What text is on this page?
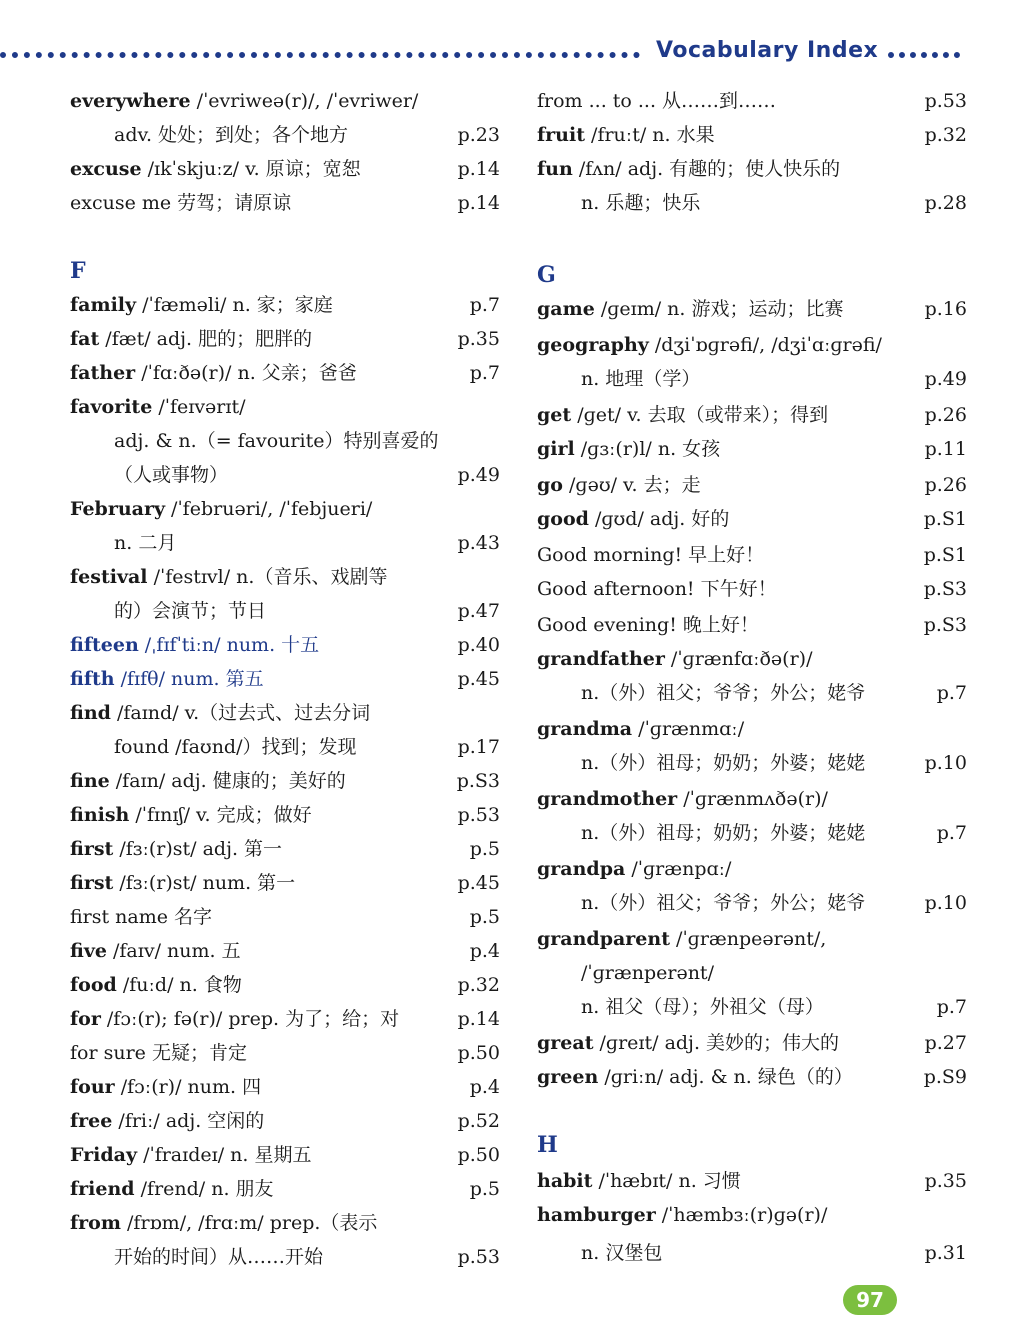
Vocabulary Index
F
everywhere /ˈevriweə(r)/, /ˈevriwer/
adv. 处处；到处；各个地方	p.23
excuse /ɪkˈskjuːz/ v. 原谅；宽恕	p.14
excuse me 劳驾；请原谅	p.14
family /ˈfæməli/ n. 家；家庭	p.7
fat /fæt/ adj. 肥的；肥胖的	p.35
father /ˈfɑːðə(r)/ n. 父亲；爸爸	p.7
favorite /ˈfeɪvərɪt/
adj. & n.（= favourite）特别喜爱的
（人或事物）	p.49
February /ˈfebruəri/, /ˈfebjueri/
n. 二月	p.43
festival /ˈfestɪvl/ n.（音乐、戏剧等
的）会演节；节日	p.47
fifteen /ˌfɪfˈtiːn/ num. 十五	p.40
fifth /fɪfθ/ num. 第五	p.45
find /faɪnd/ v.（过去式、过去分词
found /faʊnd/）找到；发现	p.17
fine /faɪn/ adj. 健康的；美好的	p.S3
finish /ˈfɪnɪʃ/ v. 完成；做好	p.53
first /fɜː(r)st/ adj. 第一	p.5
first /fɜː(r)st/ num. 第一	p.45
first name 名字	p.5
five /faɪv/ num. 五	p.4
food /fuːd/ n. 食物	p.32
for /fɔː(r); fə(r)/ prep. 为了；给；对	p.14
for sure 无疑；肯定	p.50
four /fɔː(r)/ num. 四	p.4
free /friː/ adj. 空闲的	p.52
Friday /ˈfraɪdeɪ/ n. 星期五	p.50
friend /frend/ n. 朋友	p.5
from /frɒm/, /frɑːm/ prep.（表示
开始的时间）从……开始	p.53
G
H
from ... to ... 从……到……	p.53
fruit /fruːt/ n. 水果	p.32
fun /fʌn/ adj. 有趣的；使人快乐的
n. 乐趣；快乐	p.28
game /ɡeɪm/ n. 游戏；运动；比赛	p.16
geography /dʒiˈɒɡrəfi/, /dʒiˈɑːɡrəfi/
n. 地理（学）	p.49
get /ɡet/ v. 去取（或带来）；得到	p.26
girl /ɡɜː(r)l/ n. 女孩	p.11
go /ɡəʊ/ v. 去；走	p.26
good /ɡʊd/ adj. 好的	p.S1
Good morning! 早上好！	p.S1
Good afternoon! 下午好！	p.S3
Good evening! 晚上好！	p.S3
grandfather /ˈɡrænfɑːðə(r)/
n.（外）祖父；爷爷；外公；姥爷	p.7
grandma /ˈɡrænmɑː/
n.（外）祖母；奶奶；外婆；姥姥	p.10
grandmother /ˈɡrænmʌðə(r)/
n.（外）祖母；奶奶；外婆；姥姥	p.7
grandpa /ˈɡrænpɑː/
n.（外）祖父；爷爷；外公；姥爷	p.10
grandparent /ˈɡrænpeərənt/,
/ˈɡrænperənt/
n. 祖父（母）；外祖父（母）	p.7
great /ɡreɪt/ adj. 美妙的；伟大的	p.27
green /ɡriːn/ adj. & n. 绿色（的）	p.S9
habit /ˈhæbɪt/ n. 习惯	p.35
hamburger /ˈhæmbɜː(r)ɡə(r)/
n. 汉堡包	p.31
97
